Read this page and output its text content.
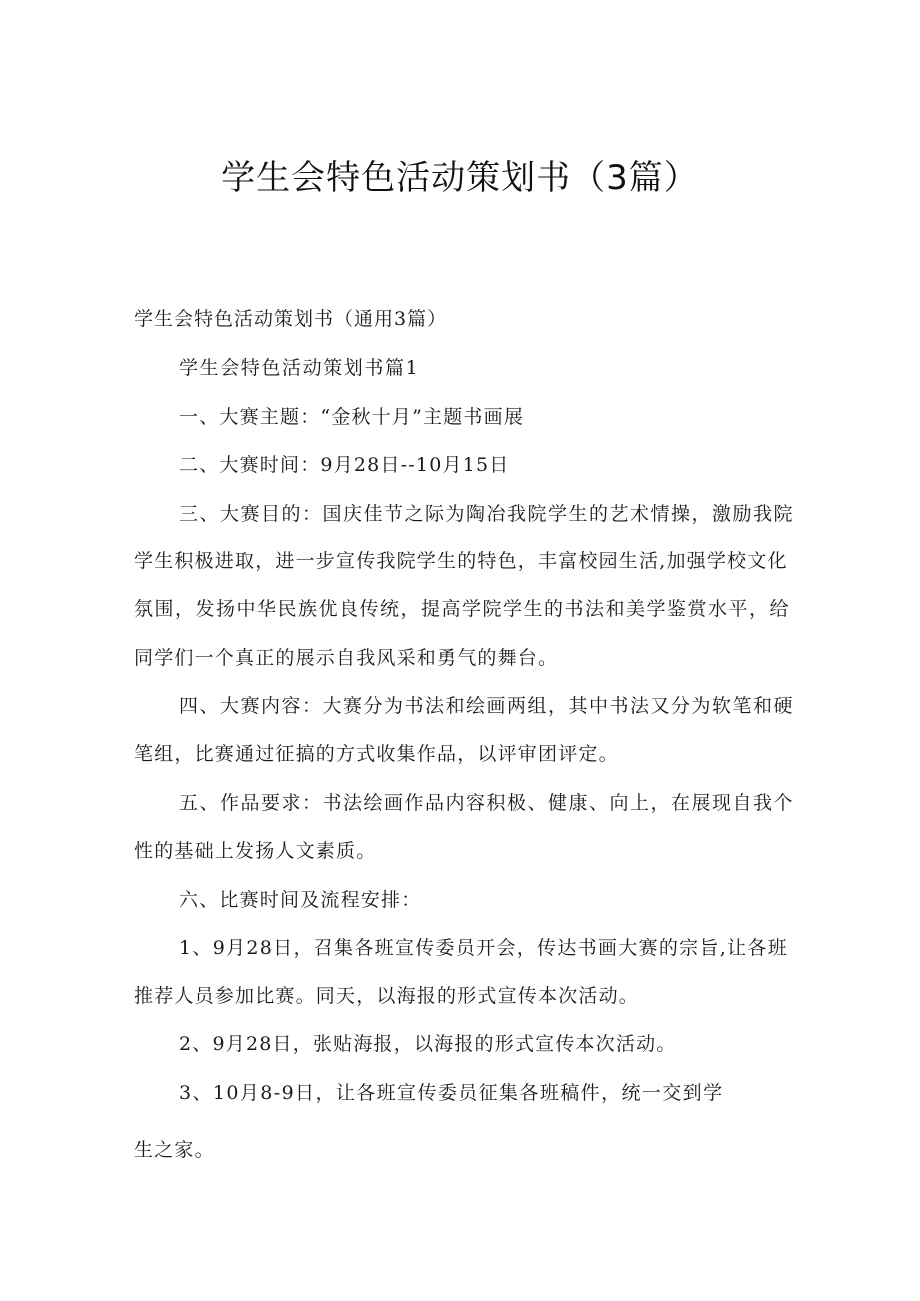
学生会特色活动策划书（3篇）
学生会特色活动策划书（通用3篇）
学生会特色活动策划书篇1
一、大赛主题：“金秋十月”主题书画展
二、大赛时间：9月28日--10月15日
三、大赛目的：国庆佳节之际为陶冶我院学生的艺术情操，激励我院
学生积极进取，进一步宣传我院学生的特色，丰富校园生活,加强学校文化
氛围，发扬中华民族优良传统，提高学院学生的书法和美学鉴赏水平，给
同学们一个真正的展示自我风采和勇气的舞台。
四、大赛内容：大赛分为书法和绘画两组，其中书法又分为软笔和硬
笔组，比赛通过征搞的方式收集作品，以评审团评定。
五、作品要求：书法绘画作品内容积极、健康、向上，在展现自我个
性的基础上发扬人文素质。
六、比赛时间及流程安排：
1、9月28日，召集各班宣传委员开会，传达书画大赛的宗旨,让各班
推荐人员参加比赛。同天，以海报的形式宣传本次活动。
2、9月28日，张贴海报，以海报的形式宣传本次活动。
3、10月8-9日，让各班宣传委员征集各班稿件，统一交到学
生之家。
